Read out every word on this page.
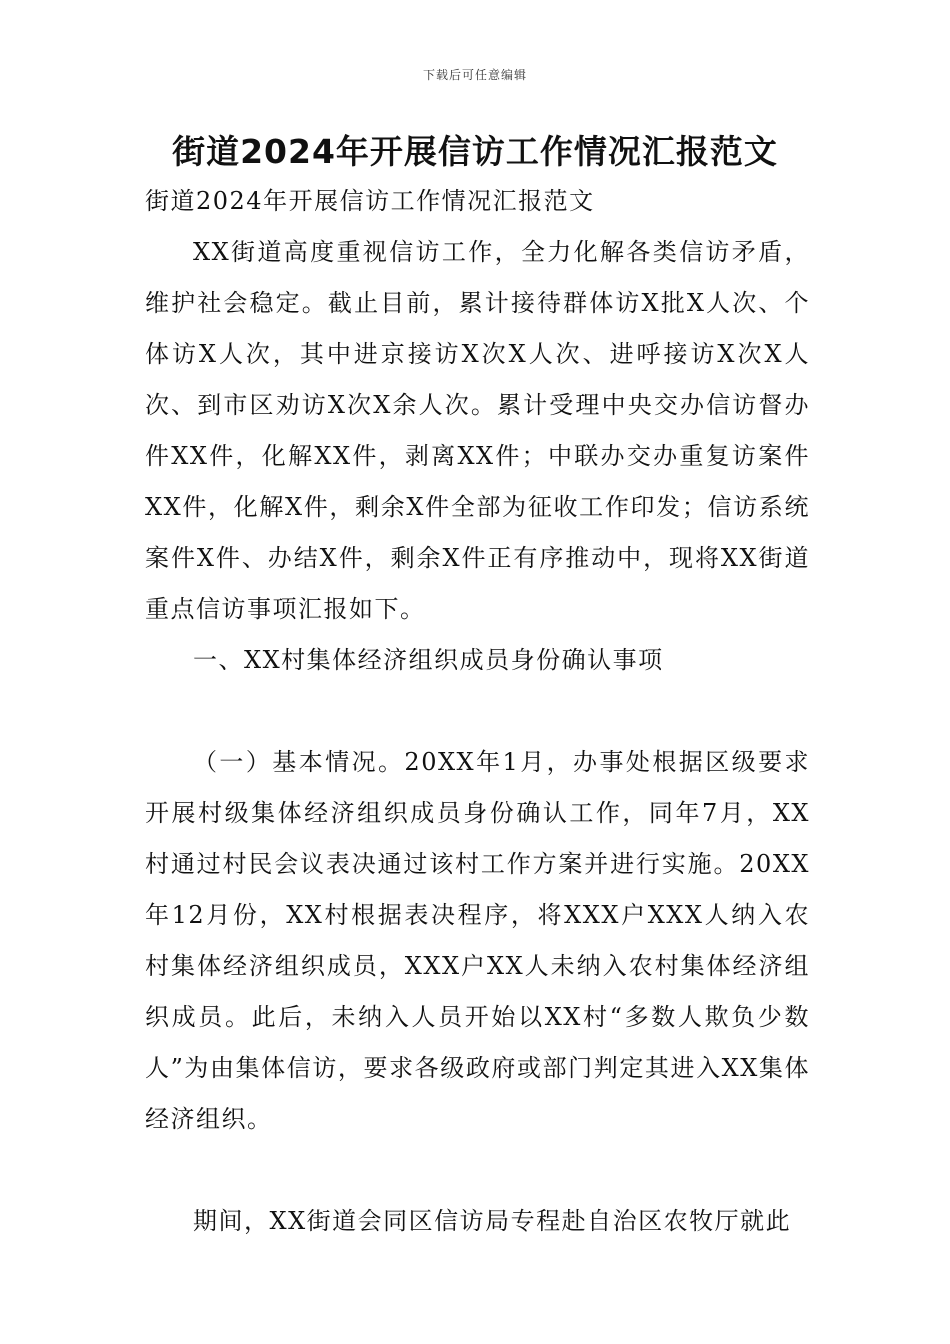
下载后可任意编辑
街道2024年开展信访工作情况汇报范文

街道2024年开展信访工作情况汇报范文

XX街道高度重视信访工作，全力化解各类信访矛盾，维护社会稳定。截止目前，累计接待群体访X批X人次、个体访X人次，其中进京接访X次X人次、进呼接访X次X人次、到市区劝访X次X余人次。累计受理中央交办信访督办件XX件，化解XX件，剥离XX件；中联办交办重复访案件XX件，化解X件，剩余X件全部为征收工作印发；信访系统案件X件、办结X件，剩余X件正有序推动中，现将XX街道重点信访事项汇报如下。

一、XX村集体经济组织成员身份确认事项

（一）基本情况。20XX年1月，办事处根据区级要求开展村级集体经济组织成员身份确认工作，同年7月，XX村通过村民会议表决通过该村工作方案并进行实施。20XX年12月份，XX村根据表决程序，将XXX户XXX人纳入农村集体经济组织成员，XXX户XX人未纳入农村集体经济组织成员。此后，未纳入人员开始以XX村“多数人欺负少数人”为由集体信访，要求各级政府或部门判定其进入XX集体经济组织。

期间，XX街道会同区信访局专程赴自治区农牧厅就此
